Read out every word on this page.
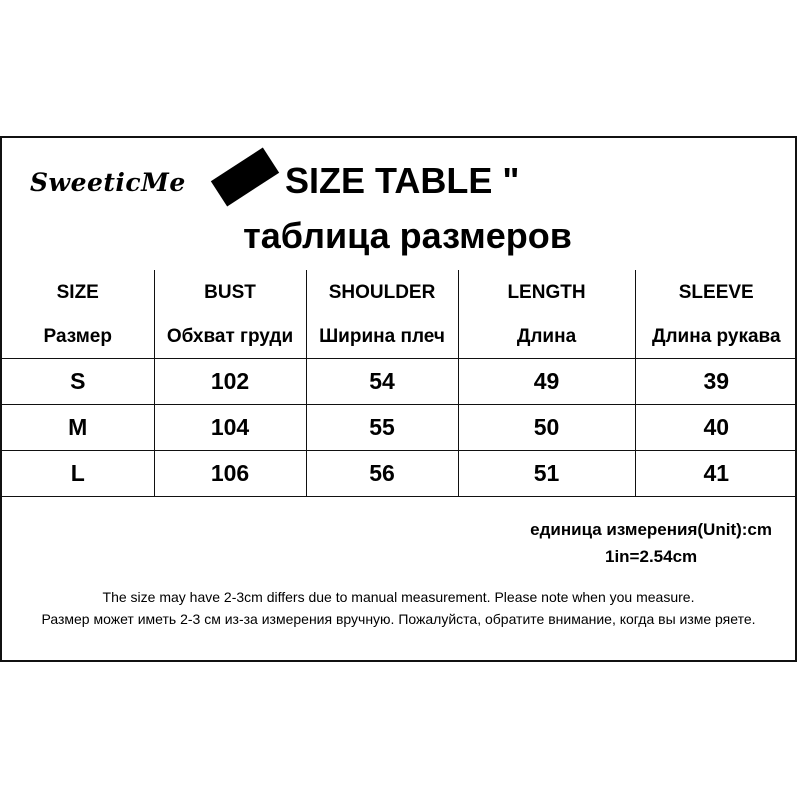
SweeticMe	SIZE TABLE "
таблица размеров
SIZE	BUST	SHOULDER	LENGTH	SLEEVE
Размер	Обхват груди	Ширина плеч	Длина	Длина рукава
S	102	54	49	39
M	104	55	50	40
L	106	56	51	41
единица измерения(Unit):cm
1in=2.54cm
The size may have 2-3cm differs due to manual measurement. Please note when you measure.
Размер может иметь 2-3 см из-за измерения вручную. Пожалуйста, обратите внимание, когда вы изме ряете.
